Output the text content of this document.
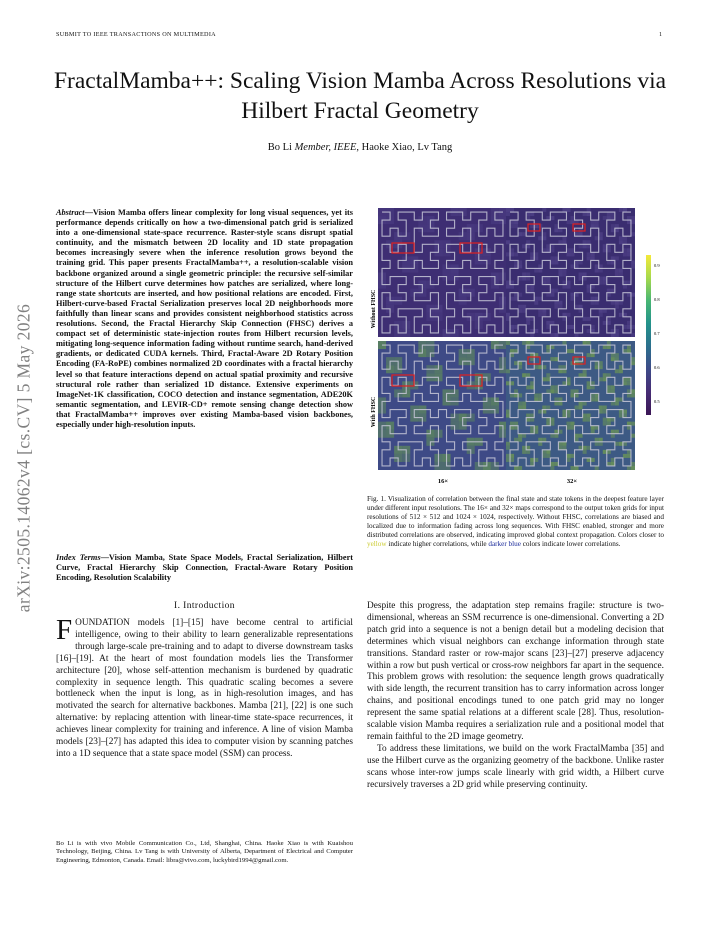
SUBMIT TO IEEE TRANSACTIONS ON MULTIMEDIA	1
arXiv:2505.14062v4 [cs.CV] 5 May 2026
FractalMamba++: Scaling Vision Mamba Across Resolutions via Hilbert Fractal Geometry
Bo Li Member, IEEE, Haoke Xiao, Lv Tang
Abstract—Vision Mamba offers linear complexity for long visual sequences, yet its performance depends critically on how a two-dimensional patch grid is serialized into a one-dimensional state-space recurrence. Raster-style scans disrupt spatial continuity, and the mismatch between 2D locality and 1D state propagation becomes increasingly severe when the inference resolution grows beyond the training grid. This paper presents FractalMamba++, a resolution-scalable vision backbone organized around a single geometric principle: the recursive self-similar structure of the Hilbert curve determines how patches are serialized, where long-range state shortcuts are inserted, and how positional relations are encoded. First, Hilbert-curve-based Fractal Serialization preserves local 2D neighborhoods more faithfully than linear scans and provides consistent neighborhood statistics across resolutions. Second, the Fractal Hierarchy Skip Connection (FHSC) derives a compact set of deterministic state-injection routes from Hilbert recursion levels, mitigating long-sequence information fading without runtime search, hand-derived gradients, or dedicated CUDA kernels. Third, Fractal-Aware 2D Rotary Position Encoding (FA-RoPE) combines normalized 2D coordinates with a fractal hierarchy level so that feature interactions depend on actual spatial proximity and recursive structural role rather than serialized 1D distance. Extensive experiments on ImageNet-1K classification, COCO detection and instance segmentation, ADE20K semantic segmentation, and LEVIR-CD+ remote sensing change detection show that FractalMamba++ improves over existing Mamba-based vision backbones, especially under high-resolution inputs.
Index Terms—Vision Mamba, State Space Models, Fractal Serialization, Hilbert Curve, Fractal Hierarchy Skip Connection, Fractal-Aware Rotary Position Encoding, Resolution Scalability
I. Introduction
FOUNDATION models [1]–[15] have become central to artificial intelligence, owing to their ability to learn generalizable representations through large-scale pre-training and to adapt to diverse downstream tasks [16]–[19]. At the heart of most foundation models lies the Transformer architecture [20], whose self-attention mechanism is burdened by quadratic complexity in sequence length. This quadratic scaling becomes a severe bottleneck when the input is long, as in high-resolution images, and has motivated the search for alternative backbones. Mamba [21], [22] is one such alternative: by replacing attention with linear-time state-space recurrences, it achieves linear complexity for training and inference. A line of vision Mamba models [23]–[27] has adapted this idea to computer vision by scanning patches into a 1D sequence that a state space model (SSM) can process.
Bo Li is with vivo Mobile Communication Co., Ltd, Shanghai, China. Haoke Xiao is with Kuaishou Technology, Beijing, China. Lv Tang is with University of Alberta, Department of Electrical and Computer Engineering, Edmonton, Canada. Email: libra@vivo.com, luckybird1994@gmail.com.
0.9
0.8
0.7
0.6
0.5
Without FHSC
With FHSC
16×	32×
Fig. 1. Visualization of correlation between the final state and state tokens in the deepest feature layer under different input resolutions. The 16× and 32× maps correspond to the output token grids for input resolutions of 512 × 512 and 1024 × 1024, respectively. Without FHSC, correlations are biased and localized due to information fading across long sequences. With FHSC enabled, stronger and more distributed correlations are observed, indicating improved global context propagation. Colors closer to yellow indicate higher correlations, while darker blue colors indicate lower correlations.

Despite this progress, the adaptation step remains fragile: structure is two-dimensional, whereas an SSM recurrence is one-dimensional. Converting a 2D patch grid into a sequence is not a benign detail but a modeling decision that determines which visual neighbors can exchange information through state transitions. Standard raster or row-major scans [23]–[27] preserve adjacency within a row but push vertical or cross-row neighbors far apart in the sequence. This problem grows with resolution: the sequence length grows quadratically with side length, the recurrent transition has to carry information across longer chains, and positional encodings tuned to one patch grid may no longer represent the same spatial relations at a different scale [28]. Thus, resolution-scalable vision Mamba requires a serialization rule and a positional model that remain faithful to the 2D image geometry.

To address these limitations, we build on the work FractalMamba [35] and use the Hilbert curve as the organizing geometry of the backbone. Unlike raster scans whose inter-row jumps scale linearly with grid width, a Hilbert curve recursively traverses a 2D grid while preserving continuity.
